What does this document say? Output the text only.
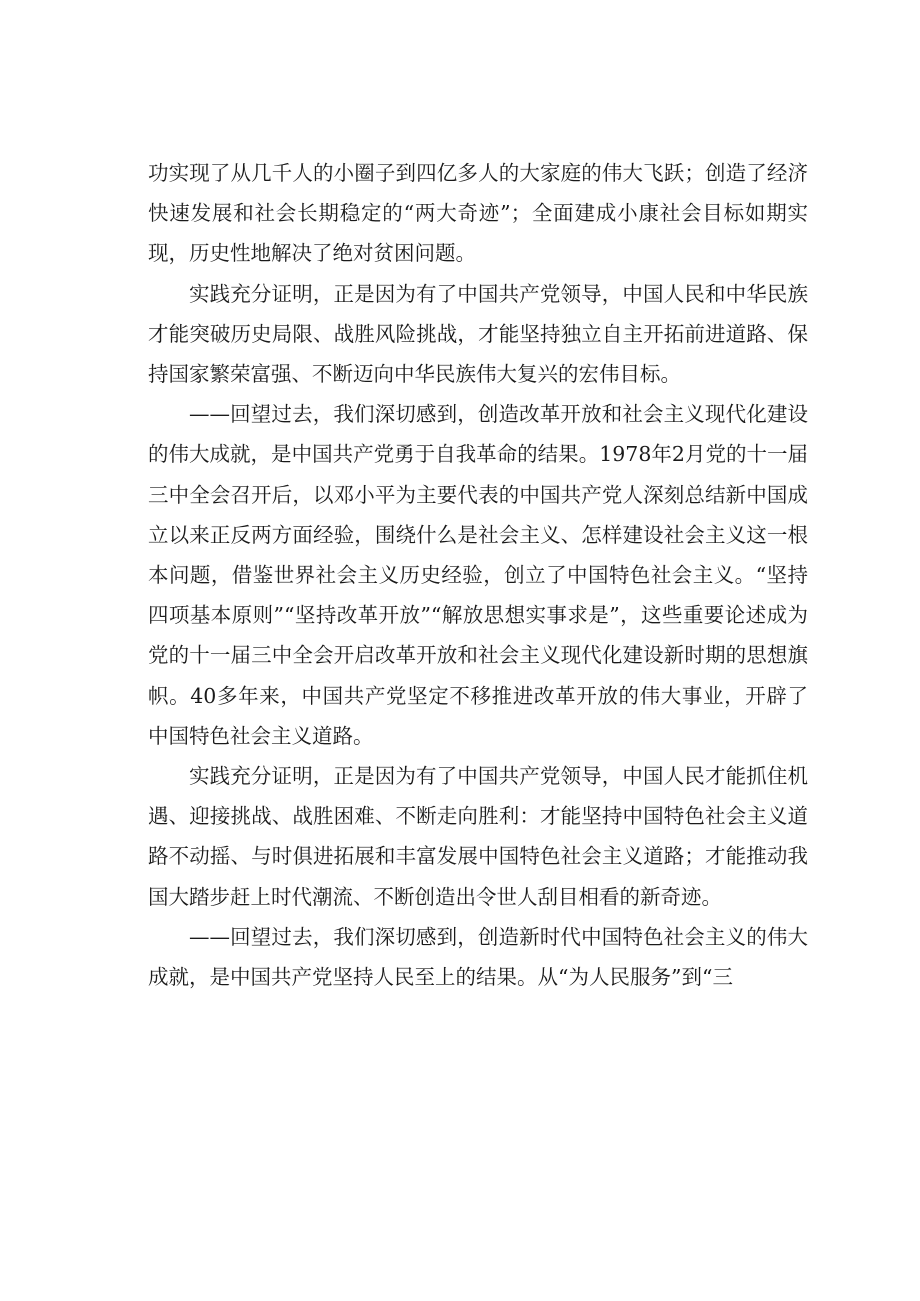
功实现了从几千人的小圈子到四亿多人的大家庭的伟大飞跃；创造了经济快速发展和社会长期稳定的“两大奇迹”；全面建成小康社会目标如期实现，历史性地解决了绝对贫困问题。

实践充分证明，正是因为有了中国共产党领导，中国人民和中华民族才能突破历史局限、战胜风险挑战，才能坚持独立自主开拓前进道路、保持国家繁荣富强、不断迈向中华民族伟大复兴的宏伟目标。

——回望过去，我们深切感到，创造改革开放和社会主义现代化建设的伟大成就，是中国共产党勇于自我革命的结果。1978年2月党的十一届三中全会召开后，以邓小平为主要代表的中国共产党人深刻总结新中国成立以来正反两方面经验，围绕什么是社会主义、怎样建设社会主义这一根本问题，借鉴世界社会主义历史经验，创立了中国特色社会主义。“坚持四项基本原则”“坚持改革开放”“解放思想实事求是”，这些重要论述成为党的十一届三中全会开启改革开放和社会主义现代化建设新时期的思想旗帜。40多年来，中国共产党坚定不移推进改革开放的伟大事业，开辟了中国特色社会主义道路。

实践充分证明，正是因为有了中国共产党领导，中国人民才能抓住机遇、迎接挑战、战胜困难、不断走向胜利：才能坚持中国特色社会主义道路不动摇、与时俱进拓展和丰富发展中国特色社会主义道路；才能推动我国大踏步赶上时代潮流、不断创造出令世人刮目相看的新奇迹。

——回望过去，我们深切感到，创造新时代中国特色社会主义的伟大成就，是中国共产党坚持人民至上的结果。从“为人民服务”到“三
